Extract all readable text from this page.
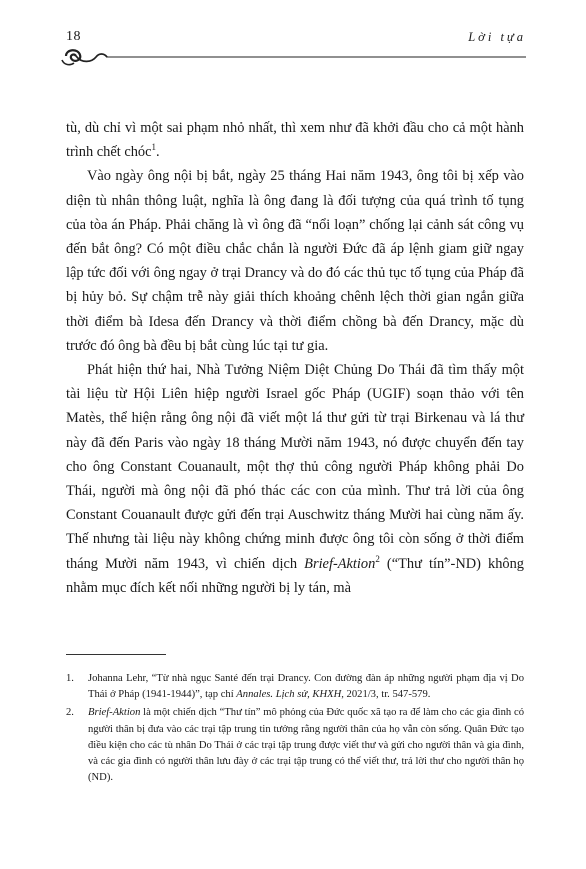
18	Lời tựa

tù, dù chỉ vì một sai phạm nhỏ nhất, thì xem như đã khởi đầu cho cả một hành trình chết chóc$^1$.

Vào ngày ông nội bị bắt, ngày 25 tháng Hai năm 1943, ông tôi bị xếp vào diện tù nhân thông luật, nghĩa là ông đang là đối tượng của quá trình tố tụng của tòa án Pháp. Phải chăng là vì ông đã “nổi loạn” chống lại cảnh sát công vụ đến bắt ông? Có một điều chắc chắn là người Đức đã áp lệnh giam giữ ngay lập tức đối với ông ngay ở trại Drancy và do đó các thủ tục tố tụng của Pháp đã bị hủy bỏ. Sự chậm trễ này giải thích khoảng chênh lệch thời gian ngắn giữa thời điểm bà Idesa đến Drancy và thời điểm chồng bà đến Drancy, mặc dù trước đó ông bà đều bị bắt cùng lúc tại tư gia.

Phát hiện thứ hai, Nhà Tưởng Niệm Diệt Chủng Do Thái đã tìm thấy một tài liệu từ Hội Liên hiệp người Israel gốc Pháp (UGIF) soạn thảo với tên Matès, thể hiện rằng ông nội đã viết một lá thư gửi từ trại Birkenau và lá thư này đã đến Paris vào ngày 18 tháng Mười năm 1943, nó được chuyển đến tay cho ông Constant Couanault, một thợ thủ công người Pháp không phải Do Thái, người mà ông nội đã phó thác các con của mình. Thư trả lời của ông Constant Couanault được gửi đến trại Auschwitz tháng Mười hai cùng năm ấy. Thế nhưng tài liệu này không chứng minh được ông tôi còn sống ở thời điểm tháng Mười năm 1943, vì chiến dịch Brief-Aktion$^2$ (“Thư tín”-ND) không nhằm mục đích kết nối những người bị ly tán, mà

1. Johanna Lehr, “Từ nhà ngục Santé đến trại Drancy. Con đường đàn áp những người phạm địa vị Do Thái ở Pháp (1941-1944)”, tạp chí Annales. Lịch sử, KHXH, 2021/3, tr. 547-579.
2. Brief-Aktion là một chiến dịch “Thư tín” mô phỏng của Đức quốc xã tạo ra để làm cho các gia đình có người thân bị đưa vào các trại tập trung tin tưởng rằng người thân của họ vẫn còn sống. Quân Đức tạo điều kiện cho các tù nhân Do Thái ở các trại tập trung được viết thư và gửi cho người thân và gia đình, và các gia đình có người thân lưu đày ở các trại tập trung có thể viết thư, trả lời thư cho người thân họ (ND).
